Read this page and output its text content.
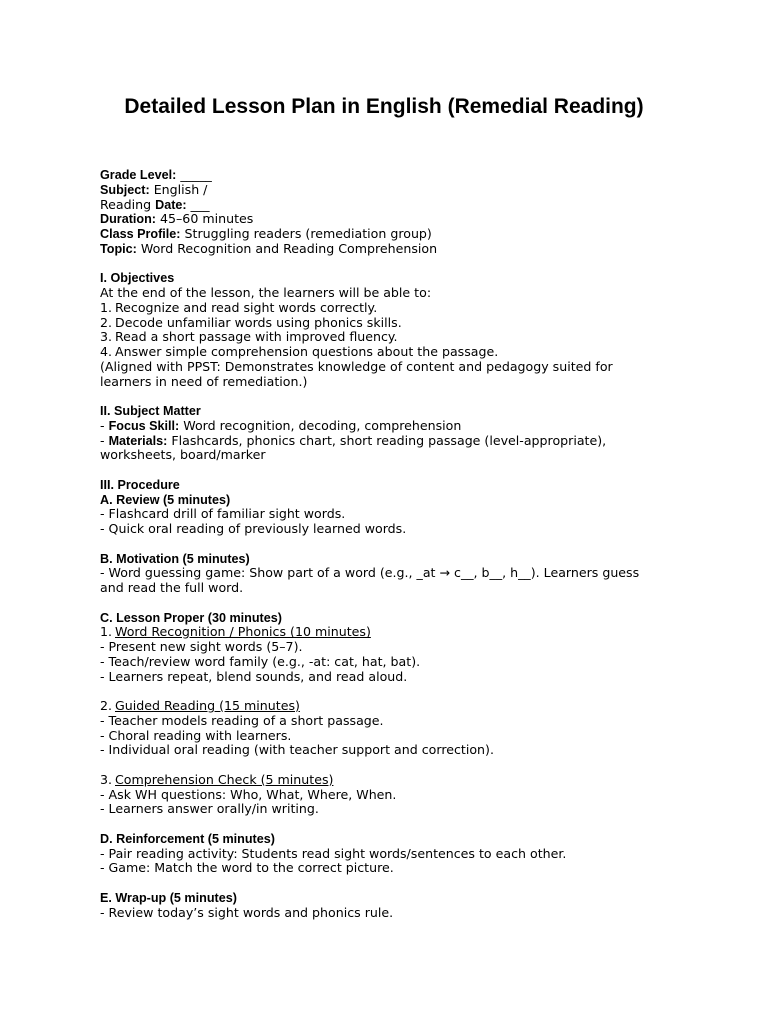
Detailed Lesson Plan in English (Remedial Reading)
Grade Level: _____
Subject: English /
Reading Date: ___
Duration: 45–60 minutes
Class Profile: Struggling readers (remediation group)
Topic: Word Recognition and Reading Comprehension
I. Objectives
At the end of the lesson, the learners will be able to:
1. Recognize and read sight words correctly.
2. Decode unfamiliar words using phonics skills.
3. Read a short passage with improved fluency.
4. Answer simple comprehension questions about the passage.
(Aligned with PPST: Demonstrates knowledge of content and pedagogy suited for
learners in need of remediation.)
II. Subject Matter
- Focus Skill: Word recognition, decoding, comprehension
- Materials: Flashcards, phonics chart, short reading passage (level-appropriate),
worksheets, board/marker
III. Procedure
A. Review (5 minutes)
- Flashcard drill of familiar sight words.
- Quick oral reading of previously learned words.
B. Motivation (5 minutes)
- Word guessing game: Show part of a word (e.g., _at → c__, b__, h__). Learners guess
and read the full word.
C. Lesson Proper (30 minutes)
1. Word Recognition / Phonics (10 minutes)
- Present new sight words (5–7).
- Teach/review word family (e.g., -at: cat, hat, bat).
- Learners repeat, blend sounds, and read aloud.
2. Guided Reading (15 minutes)
- Teacher models reading of a short passage.
- Choral reading with learners.
- Individual oral reading (with teacher support and correction).
3. Comprehension Check (5 minutes)
- Ask WH questions: Who, What, Where, When.
- Learners answer orally/in writing.
D. Reinforcement (5 minutes)
- Pair reading activity: Students read sight words/sentences to each other.
- Game: Match the word to the correct picture.
E. Wrap-up (5 minutes)
- Review today’s sight words and phonics rule.
